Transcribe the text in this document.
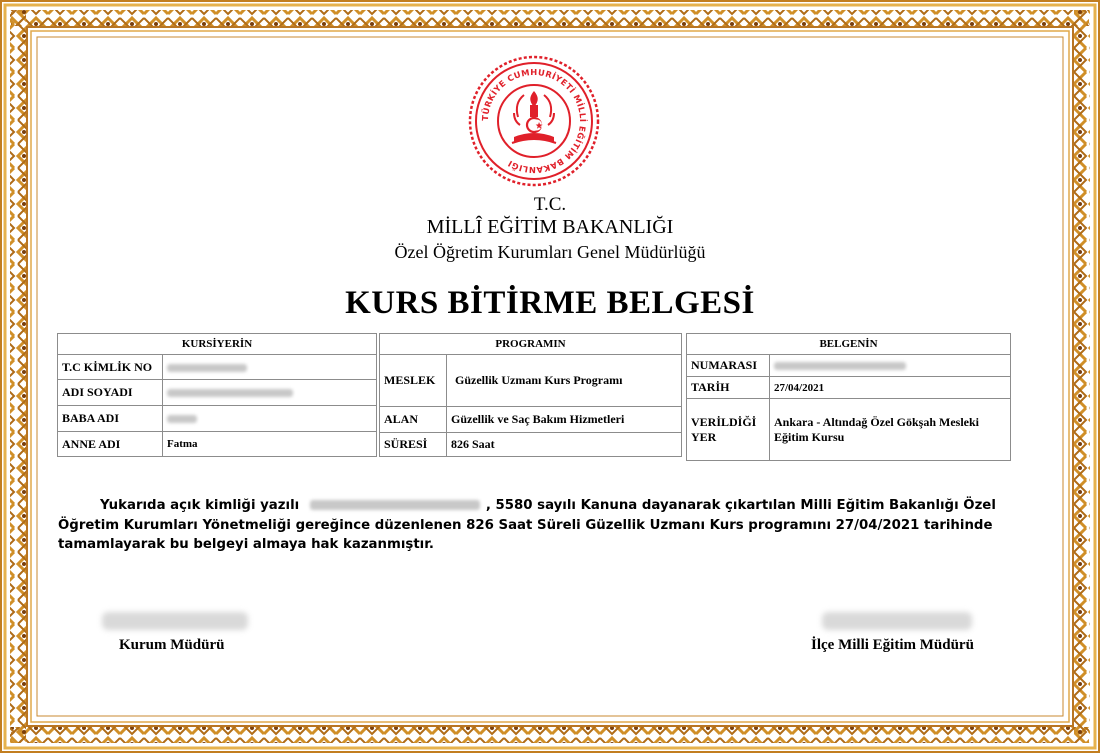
TÜRKİYE CUMHURİYETİ MİLLİ EĞİTİM BAKANLIĞI
T.C.
MİLLÎ EĞİTİM BAKANLIĞI
Özel Öğretim Kurumları Genel Müdürlüğü
KURS BİTİRME BELGESİ
KURSİYERİN	
T.C KİMLİK NO	
ADI SOYADI	
BABA ADI	
ANNE ADI	Fatma
PROGRAMIN	
MESLEK	Güzellik Uzmanı Kurs Programı
ALAN	Güzellik ve Saç Bakım Hizmetleri
SÜRESİ	826 Saat
BELGENİN	
NUMARASI	
TARİH	27/04/2021
VERİLDİĞİ YER	Ankara - Altındağ Özel Gökşah Mesleki Eğitim Kursu
Yukarıda açık kimliği yazılı	, 5580 sayılı Kanuna dayanarak çıkartılan Milli Eğitim Bakanlığı Özel Öğretim Kurumları Yönetmeliği gereğince düzenlenen 826 Saat Süreli Güzellik Uzmanı Kurs programını 27/04/2021 tarihinde tamamlayarak bu belgeyi almaya hak kazanmıştır.
Kurum Müdürü	İlçe Milli Eğitim Müdürü
